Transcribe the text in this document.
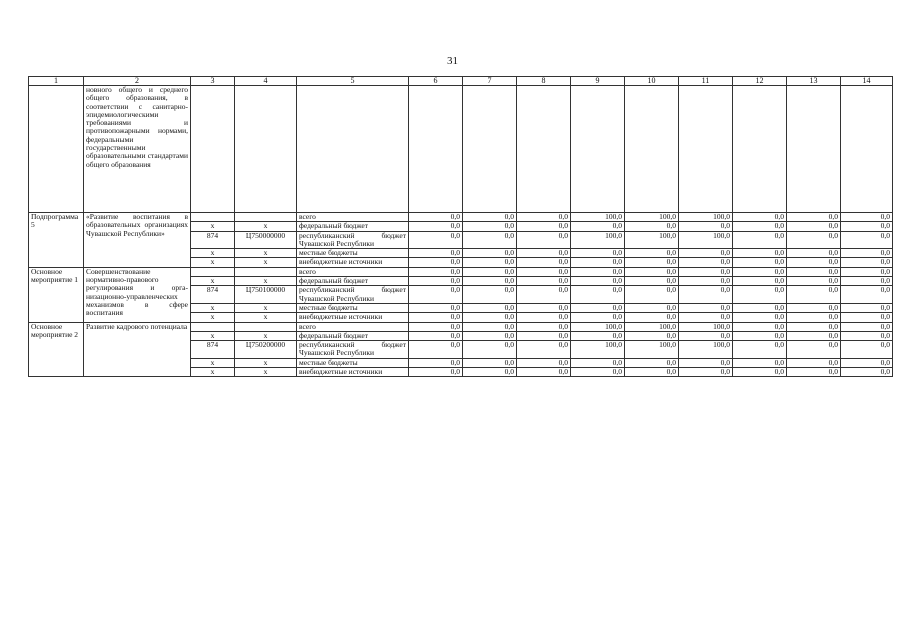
31
1	2	3	4	5	6	7	8	9	10	11	12	13	14
	новного общего и среднего общего образования, в соответствии с санитарно-эпидемиологическими требованиями и противопожарными нормами, федеральными государственными образовательными стандартами общего образования												
Подпрограмма 5	«Развитие воспитания в образовательных организациях Чувашской Республики»			всего	0,0	0,0	0,0	100,0	100,0	100,0	0,0	0,0	0,0
		x	x	федеральный бюджет	0,0	0,0	0,0	0,0	0,0	0,0	0,0	0,0	0,0
		874	Ц750000000	республиканский бюджет Чувашской Республики	0,0	0,0	0,0	100,0	100,0	100,0	0,0	0,0	0,0
		x	x	местные бюджеты	0,0	0,0	0,0	0,0	0,0	0,0	0,0	0,0	0,0
		x	x	внебюджетные источники	0,0	0,0	0,0	0,0	0,0	0,0	0,0	0,0	0,0
Основное мероприятие 1	Совершенствование нормативно-правового регулирования и организационно-управленческих механизмов в сфере воспитания			всего	0,0	0,0	0,0	0,0	0,0	0,0	0,0	0,0	0,0
		x	x	федеральный бюджет	0,0	0,0	0,0	0,0	0,0	0,0	0,0	0,0	0,0
		874	Ц750100000	республиканский бюджет Чувашской Республики	0,0	0,0	0,0	0,0	0,0	0,0	0,0	0,0	0,0
		x	x	местные бюджеты	0,0	0,0	0,0	0,0	0,0	0,0	0,0	0,0	0,0
		x	x	внебюджетные источники	0,0	0,0	0,0	0,0	0,0	0,0	0,0	0,0	0,0
Основное мероприятие 2	Развитие кадрового потенциала			всего	0,0	0,0	0,0	100,0	100,0	100,0	0,0	0,0	0,0
		x	x	федеральный бюджет	0,0	0,0	0,0	0,0	0,0	0,0	0,0	0,0	0,0
		874	Ц750200000	республиканский бюджет Чувашской Республики	0,0	0,0	0,0	100,0	100,0	100,0	0,0	0,0	0,0
		x	x	местные бюджеты	0,0	0,0	0,0	0,0	0,0	0,0	0,0	0,0	0,0
		x	x	внебюджетные источники	0,0	0,0	0,0	0,0	0,0	0,0	0,0	0,0	0,0
